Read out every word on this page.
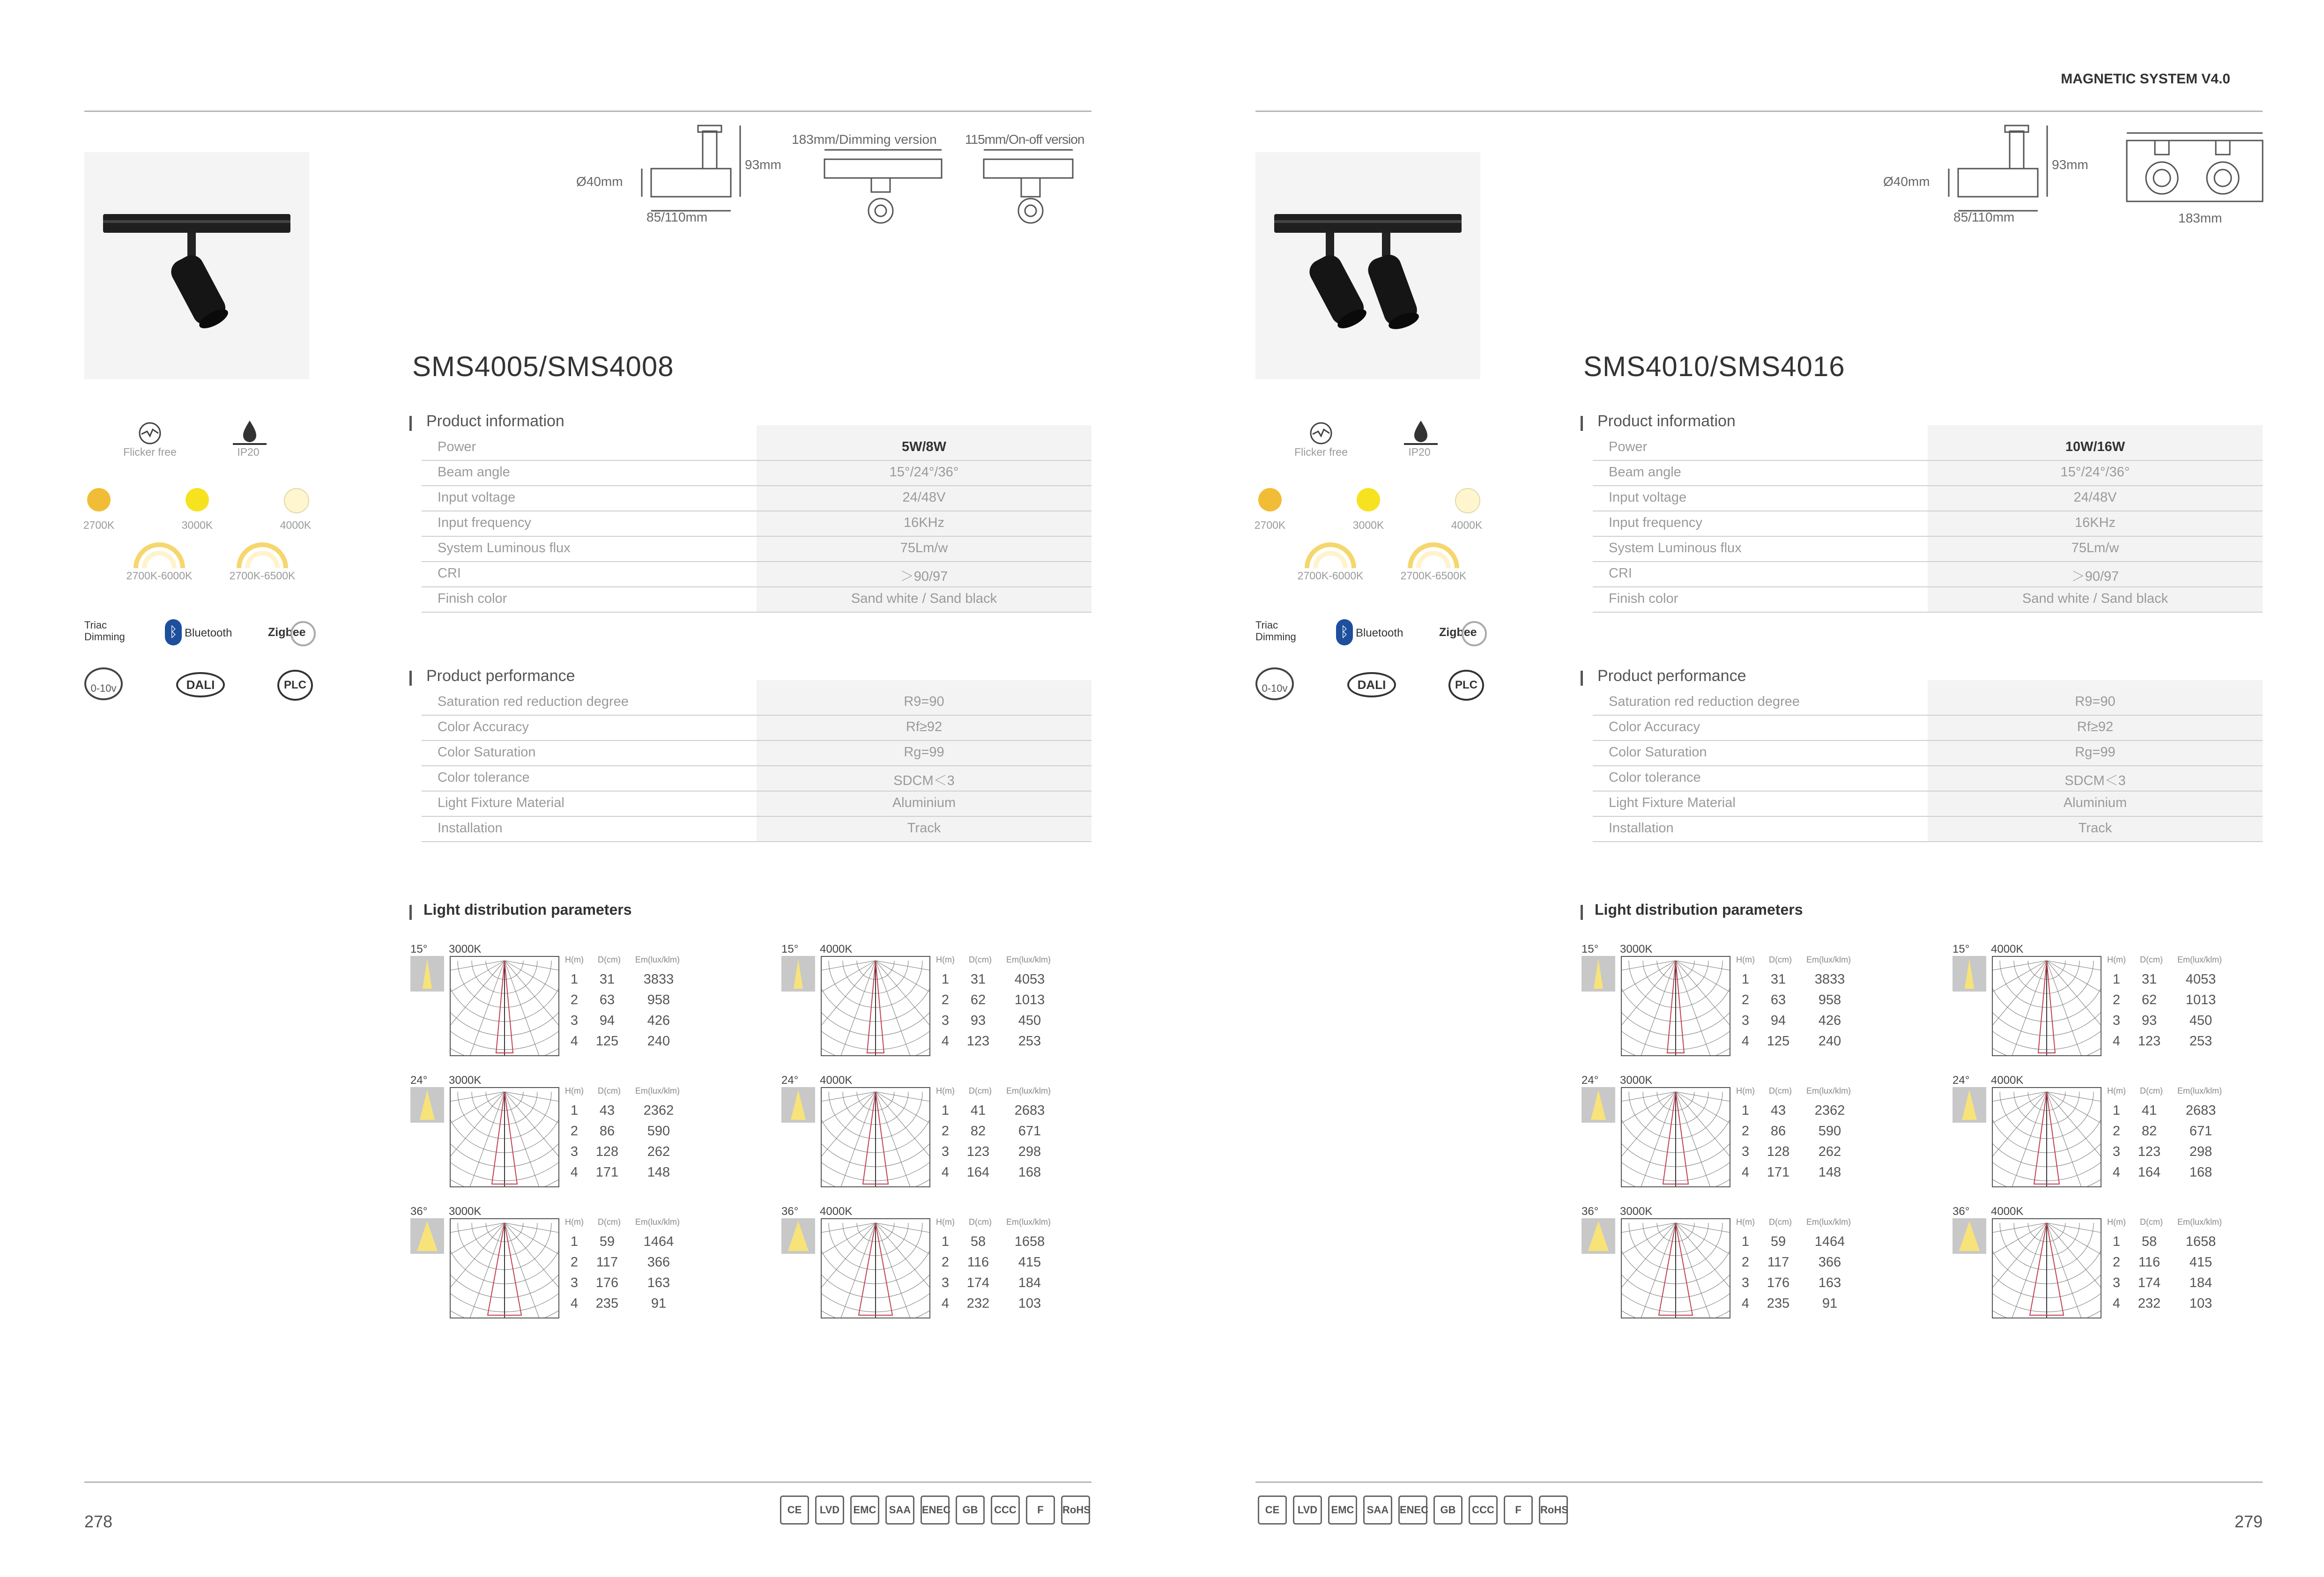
MAGNETIC SYSTEM V4.0
Ø40mm
93mm
85/110mm
183mm/Dimming version 115mm/On-off version
SMS4005/SMS4008
Flicker free	IP20
2700K	3000K	4000K
2700K-6000K	2700K-6500K
Triac
Dimming	ᛒ Bluetooth	Zigbee
0-10v	DALI	PLC
Product information
Power	5W/8W
Beam angle	15°/24°/36°
Input voltage	24/48V
Input frequency	16KHz
System Luminous flux	75Lm/w
CRI	＞90/97
Finish color	Sand white / Sand black
Product performance
Saturation red reduction degree	R9=90
Color Accuracy	Rf≥92
Color Saturation	Rg=99
Color tolerance	SDCM＜3
Light Fixture Material	Aluminium
Installation	Track
Light distribution parameters
15° 3000K
H(m) D(cm) Em(lux/klm)
1	31	3833
2	63	958
3	94	426
4	125	240
15° 4000K
H(m) D(cm) Em(lux/klm)
1	31	4053
2	62	1013
3	93	450
4	123	253
24° 3000K
H(m) D(cm) Em(lux/klm)
1	43	2362
2	86	590
3	128	262
4	171	148
24° 4000K
H(m) D(cm) Em(lux/klm)
1	41	2683
2	82	671
3	123	298
4	164	168
36° 3000K
H(m) D(cm) Em(lux/klm)
1	59	1464
2	117	366
3	176	163
4	235	91
36° 4000K
H(m) D(cm) Em(lux/klm)
1	58	1658
2	116	415
3	174	184
4	232	103
Ø40mm
93mm
85/110mm	183mm
SMS4010/SMS4016
Flicker free	IP20
2700K	3000K	4000K
2700K-6000K	2700K-6500K
Triac
Dimming	ᛒ Bluetooth	Zigbee
0-10v	DALI	PLC
Product information
Power	10W/16W
Beam angle	15°/24°/36°
Input voltage	24/48V
Input frequency	16KHz
System Luminous flux	75Lm/w
CRI	＞90/97
Finish color	Sand white / Sand black
Product performance
Saturation red reduction degree	R9=90
Color Accuracy	Rf≥92
Color Saturation	Rg=99
Color tolerance	SDCM＜3
Light Fixture Material	Aluminium
Installation	Track
Light distribution parameters
15° 3000K
H(m) D(cm) Em(lux/klm)
1	31	3833
2	63	958
3	94	426
4	125	240
15° 4000K
H(m) D(cm) Em(lux/klm)
1	31	4053
2	62	1013
3	93	450
4	123	253
24° 3000K
H(m) D(cm) Em(lux/klm)
1	43	2362
2	86	590
3	128	262
4	171	148
24° 4000K
H(m) D(cm) Em(lux/klm)
1	41	2683
2	82	671
3	123	298
4	164	168
36° 3000K
H(m) D(cm) Em(lux/klm)
1	59	1464
2	117	366
3	176	163
4	235	91
36° 4000K
H(m) D(cm) Em(lux/klm)
1	58	1658
2	116	415
3	174	184
4	232	103
278	279
CE	LVD	EMC	SAA	ENEC	GB	CCC	F	RoHS	CE	LVD	EMC	SAA	ENEC	GB	CCC	F	RoHS
